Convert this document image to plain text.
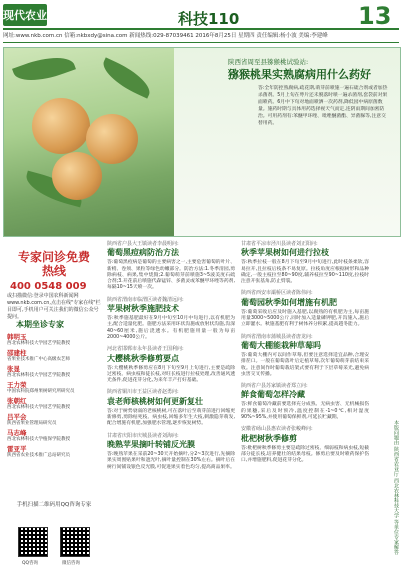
现代农业	科技110	13
网址:www.nkb.com.cn 信箱:nkbxdy@sina.com 新闻热线:029-87039461 2016年8月25日 星期四 责任编辑:杨小波 美编:李建峰
陕西省周至县猕猴桃试验站:
猕猴桃果实熟腐病用什么药好
答:全年防控熟腐病,疏花期,萌芽前喷施一遍石硫合剂或者加热杀菌剂。5月上旬在萼片还未脱落时喷一遍杀菌剂,套袋前对果面喷药。6月中下旬对地面喷洒一次药剂,降低园中病原菌数量。施药时期与具体用药选择视天气而定,连阴雨期间加密防治。可用药剂有:苯醚甲环唑、吡唑醚菌酯、异菌脲等,注意交替用药。
专家问诊免费热线
400 0548 009
或扫描微信:登录中国农科新闻网 www.nkb.com.cn,点击在线"专家在线"栏目即可,手机用户可关注我们的微信公众号提问。
本期坐诊专家
韩明玉
西北农林科技大学园艺学院教授
邵建柱
省果业技术推广中心高级农艺师
张显
西北农林科技大学园艺学院教授
王力荣
中国农科院郑州果树研究所研究员
张朝红
西北农林科技大学园艺学院教授
吕平会
陕西省果业管理局研究员
马志峰
西北农林科技大学植保学院教授
雷亚平
陕西省农业技术推广总站研究员
手机扫描二维码用QQ咨询专家
QQ咨询	微信咨询
陕西省户县大王镇读者李晨明问:
葡萄黑痘病防治方法
答:葡萄黑痘病是葡萄的主要病害之一,主要危害葡萄的叶片、新梢、卷须、果粒等绿色幼嫩部分。防治方法:1.冬季清园,剪除病枝、病果,集中烧毁;2.葡萄萌芽前喷施3~5波美度石硫合剂;3.开花前后喷施代森锰锌、多菌灵或苯醚甲环唑等药剂,每隔10~15天喷一次。
陕西省渭南市临渭区读者魏清远问:
苹果树秋季施肥技术
答:秋季施基肥最好在9月中旬至10月中旬进行,以有机肥为主,配合适量化肥。施肥方法采用环状沟施或放射状沟施,沟深40~60厘米,施后浇透水。有机肥施用量一般为每亩2000~4000公斤。
河北省邯郸市永年县读者王国利问:
大樱桃秋季修剪要点
答:大樱桃秋季修剪应在8月下旬至9月上旬进行,主要是疏除过密枝、病虫枝和徒长枝,对旺长枝进行拉枝处理,改善通风透光条件,促进花芽分化,为来年丰产打好基础。
陕西省铜川市王益区读者赵勇问:
袁老师核桃树如何更新复壮
答:对于树势衰弱的老核桃树,可在落叶后至萌芽前进行回缩更新修剪,剪除枯死枝、病虫枝,回缩多年生大枝,刺激隐芽萌发,配合增施有机肥,加强肥水管理,逐步恢复树势。
甘肃省庆阳市庆城县读者刘海问:
晚熟苹果摘叶转铺反光膜
答:晚熟苹果在采前20~30天开始摘叶,分2~3次进行,先摘除果实周围贴果叶和遮光叶,摘叶量控制在30%左右。摘叶后在树行间铺设银色反光膜,可促进果实着色均匀,提高商品果率。
甘肃省平凉市泾川县读者刘正阳问:
秋季苹果树如何进行拉枝
答:秋季拉枝一般在8月下旬至9月中旬进行,此时枝条柔软,容易拉开,且拉枝后枝条不易复原。拉枝角度应根据树形和品种确定,一般主枝拉至80~90度,辅养枝拉至90~110度,拉枝时注意开张基角,防止劈裂。
陕西省西安市灞桥区读者陈伟问:
葡萄园秋季如何增施有机肥
答:葡萄采收后应及时施入基肥,以腐熟的有机肥为主,每亩施用量3000~5000公斤,同时加入适量磷钾肥,开沟施入,施后立即灌水。秋施基肥有利于树体养分积累,提高越冬能力。
陕西省渭南市蒲城县读者唐龙问:
葡萄大棚能栽种草莓吗
答:葡萄大棚内可以间作草莓,但要注意选择适宜品种,合理安排茬口。一般在葡萄落叶后定植草莓,次年葡萄萌芽前结束采收。注意间作时葡萄栽培架式要有利于下层草莓采光,避免病虫害交叉传播。
陕西省户县苏家镇读者郑立问:
鲜食葡萄怎样冷藏
答:鲜食葡萄冷藏前要选择充分成熟、无病虫害、无机械损伤的果穗,采后及时预冷,温度控制在-1~0℃,相对湿度90%~95%,并使用葡萄保鲜剂,可延长贮藏期。
安徽省砀山县惠农读者张峻峰问:
枇杷树秋季修剪
答:枇杷树秋季修剪主要是疏除过密枝、细弱枝和病虫枝,短截部分徒长枝,培养健壮的结果母枝。修剪后要及时喷药保护伤口,并增施肥料,促进花芽分化。	本版问题由 陕西省农业厅 西北农林科技大学 等单位专家解答
